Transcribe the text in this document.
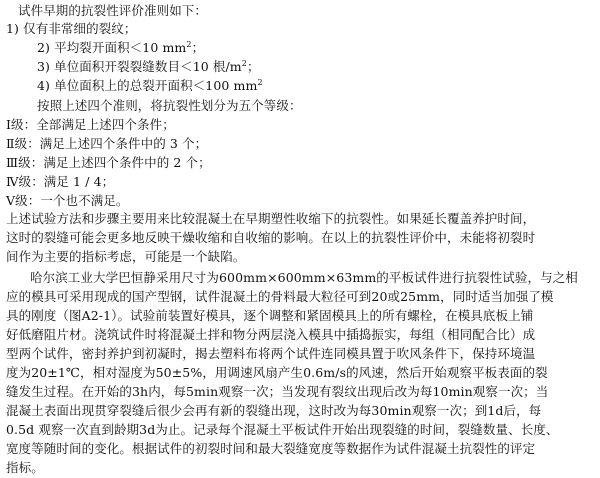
试件早期的抗裂性评价准则如下：
1) 仅有非常细的裂纹；
2) 平均裂开面积＜10 $mm^2$；
3) 单位面积开裂裂缝数目＜10 根$/m^2$；
4) 单位面积上的总裂开面积＜100 $mm^2$
按照上述四个准则，将抗裂性划分为五个等级：
Ⅰ级：全部满足上述四个条件；
Ⅱ级：满足上述四个条件中的 3 个；
Ⅲ级：满足上述四个条件中的 2 个；
Ⅳ级：满足 1 / 4；
Ⅴ级：一个也不满足。
上述试验方法和步骤主要用来比较混凝土在早期塑性收缩下的抗裂性。如果延长覆盖养护时间，
这时的裂缝可能会更多地反映干燥收缩和自收缩的影响。在以上的抗裂性评价中，未能将初裂时
间作为主要的指标考虑，可能是一个缺陷。
哈尔滨工业大学巴恒静采用尺寸为600mm×600mm×63mm的平板试件进行抗裂性试验，与之相
应的模具可采用现成的国产型钢，试件混凝土的骨料最大粒径可到20或25mm，同时适当加强了模
具的刚度（图A2-1）。试验前装置好模具，逐个调整和紧固模具上的所有螺栓，在模具底板上铺
好低磨阻片材。浇筑试件时将混凝土拌和物分两层浇入模具中插捣振实，每组（相同配合比）成
型两个试件，密封养护到初凝时，揭去塑料布将两个试件连同模具置于吹风条件下，保持环境温
度为20±1℃，相对湿度为50±5%，用调速风扇产生0.6m/s的风速，然后开始观察平板表面的裂
缝发生过程。在开始的3h内，每5min观察一次；当发现有裂纹出现后改为每10min观察一次；当
混凝土表面出现贯穿裂缝后很少会再有新的裂缝出现，这时改为每30min观察一次；到1d后，每
0.5d 观察一次直到龄期3d为止。记录每个混凝土平板试件开始出现裂缝的时间，裂缝数量、长度、
宽度等随时间的变化。根据试件的初裂时间和最大裂缝宽度等数据作为试件混凝土抗裂性的评定
指标。
